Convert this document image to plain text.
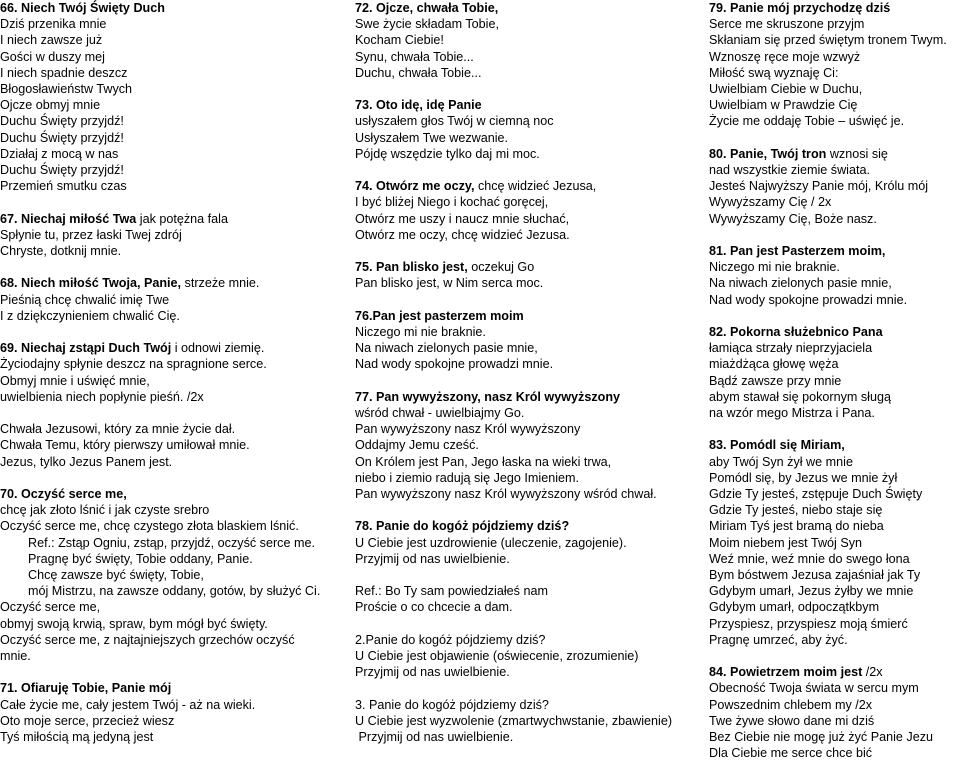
66. Niech Twój Święty Duch
Dziś przenika mnie
I niech zawsze już
Gości w duszy mej
I niech spadnie deszcz
Błogosławieństw Twych
Ojcze obmyj mnie
Duchu Święty przyjdź!
Duchu Święty przyjdź!
Działaj z mocą w nas
Duchu Święty przyjdź!
Przemień smutku czas
67. Niechaj miłość Twa jak potężna fala
Spłynie tu, przez łaski Twej zdrój
Chryste, dotknij mnie.
68. Niech miłość Twoja, Panie, strzeże mnie.
Pieśnią chcę chwalić imię Twe
I z dziękczynieniem chwalić Cię.
69. Niechaj zstąpi Duch Twój i odnowi ziemię.
Życiodajny spłynie deszcz na spragnione serce.
Obmyj mnie i uświęć mnie,
uwielbienia niech popłynie pieśń. /2x
Chwała Jezusowi, który za mnie życie dał.
Chwała Temu, który pierwszy umiłował mnie.
Jezus, tylko Jezus Panem jest.
70. Oczyść serce me,
chcę jak złoto lśnić i jak czyste srebro
Oczyść serce me, chcę czystego złota blaskiem lśnić.
Ref.: Zstąp Ogniu, zstąp, przyjdź, oczyść serce me.
Pragnę być święty, Tobie oddany, Panie.
Chcę zawsze być święty, Tobie,
mój Mistrzu, na zawsze oddany, gotów, by służyć Ci.
Oczyść serce me,
obmyj swoją krwią, spraw, bym mógł być święty.
Oczyść serce me, z najtajniejszych grzechów oczyść
mnie.
71. Ofiaruję Tobie, Panie mój
Całe życie me, cały jestem Twój - aż na wieki.
Oto moje serce, przecież wiesz
Tyś miłością mą jedyną jest
72. Ojcze, chwała Tobie,
Swe życie składam Tobie,
Kocham Ciebie!
Synu, chwała Tobie...
Duchu, chwała Tobie...
73. Oto idę, idę Panie
usłyszałem głos Twój w ciemną noc
Usłyszałem Twe wezwanie.
Pójdę wszędzie tylko daj mi moc.
74. Otwórz me oczy, chcę widzieć Jezusa,
I być bliżej Niego i kochać goręcej,
Otwórz me uszy i naucz mnie słuchać,
Otwórz me oczy, chcę widzieć Jezusa.
75. Pan blisko jest, oczekuj Go
Pan blisko jest, w Nim serca moc.
76.Pan jest pasterzem moim
Niczego mi nie braknie.
Na niwach zielonych pasie mnie,
Nad wody spokojne prowadzi mnie.
77. Pan wywyższony, nasz Król wywyższony
wśród chwał - uwielbiajmy Go.
Pan wywyższony nasz Król wywyższony
Oddajmy Jemu cześć.
On Królem jest Pan, Jego łaska na wieki trwa,
niebo i ziemio radują się Jego Imieniem.
Pan wywyższony nasz Król wywyższony wśród chwał.
78. Panie do kogóż pójdziemy dziś?
U Ciebie jest uzdrowienie (uleczenie, zagojenie).
Przyjmij od nas uwielbienie.
Ref.: Bo Ty sam powiedziałeś nam
Proście o co chcecie a dam.
2.Panie do kogóż pójdziemy dziś?
U Ciebie jest objawienie (oświecenie, zrozumienie)
Przyjmij od nas uwielbienie.
3. Panie do kogóż pójdziemy dziś?
U Ciebie jest wyzwolenie (zmartwychwstanie, zbawienie)
Przyjmij od nas uwielbienie.
79. Panie mój przychodzę dziś
Serce me skruszone przyjm
Skłaniam się przed świętym tronem Twym.
Wznoszę ręce moje wzwyż
Miłość swą wyznaję Ci:
Uwielbiam Ciebie w Duchu,
Uwielbiam w Prawdzie Cię
Życie me oddaję Tobie – uświęć je.
80. Panie, Twój tron wznosi się
nad wszystkie ziemie świata.
Jesteś Najwyższy Panie mój, Królu mój
Wywyższamy Cię / 2x
Wywyższamy Cię, Boże nasz.
81. Pan jest Pasterzem moim,
Niczego mi nie braknie.
Na niwach zielonych pasie mnie,
Nad wody spokojne prowadzi mnie.
82. Pokorna służebnico Pana
łamiąca strzały nieprzyjaciela
miażdżąca głowę węża
Bądź zawsze przy mnie
abym stawał się pokornym sługą
na wzór mego Mistrza i Pana.
83. Pomódl się Miriam,
aby Twój Syn żył we mnie
Pomódl się, by Jezus we mnie żył
Gdzie Ty jesteś, zstępuje Duch Święty
Gdzie Ty jesteś, niebo staje się
Miriam Tyś jest bramą do nieba
Moim niebem jest Twój Syn
Weź mnie, weź mnie do swego łona
Bym bóstwem Jezusa zajaśniał jak Ty
Gdybym umarł, Jezus żyłby we mnie
Gdybym umarł, odpoczątkbym
Przyspiesz, przyspiesz moją śmierć
Pragnę umrzeć, aby żyć.
84. Powietrzem moim jest /2x
Obecność Twoja świata w sercu mym
Powszednim chlebem my /2x
Twe żywe słowo dane mi dziś
Bez Ciebie nie mogę już żyć Panie Jezu
Dla Ciebie me serce chce bić
